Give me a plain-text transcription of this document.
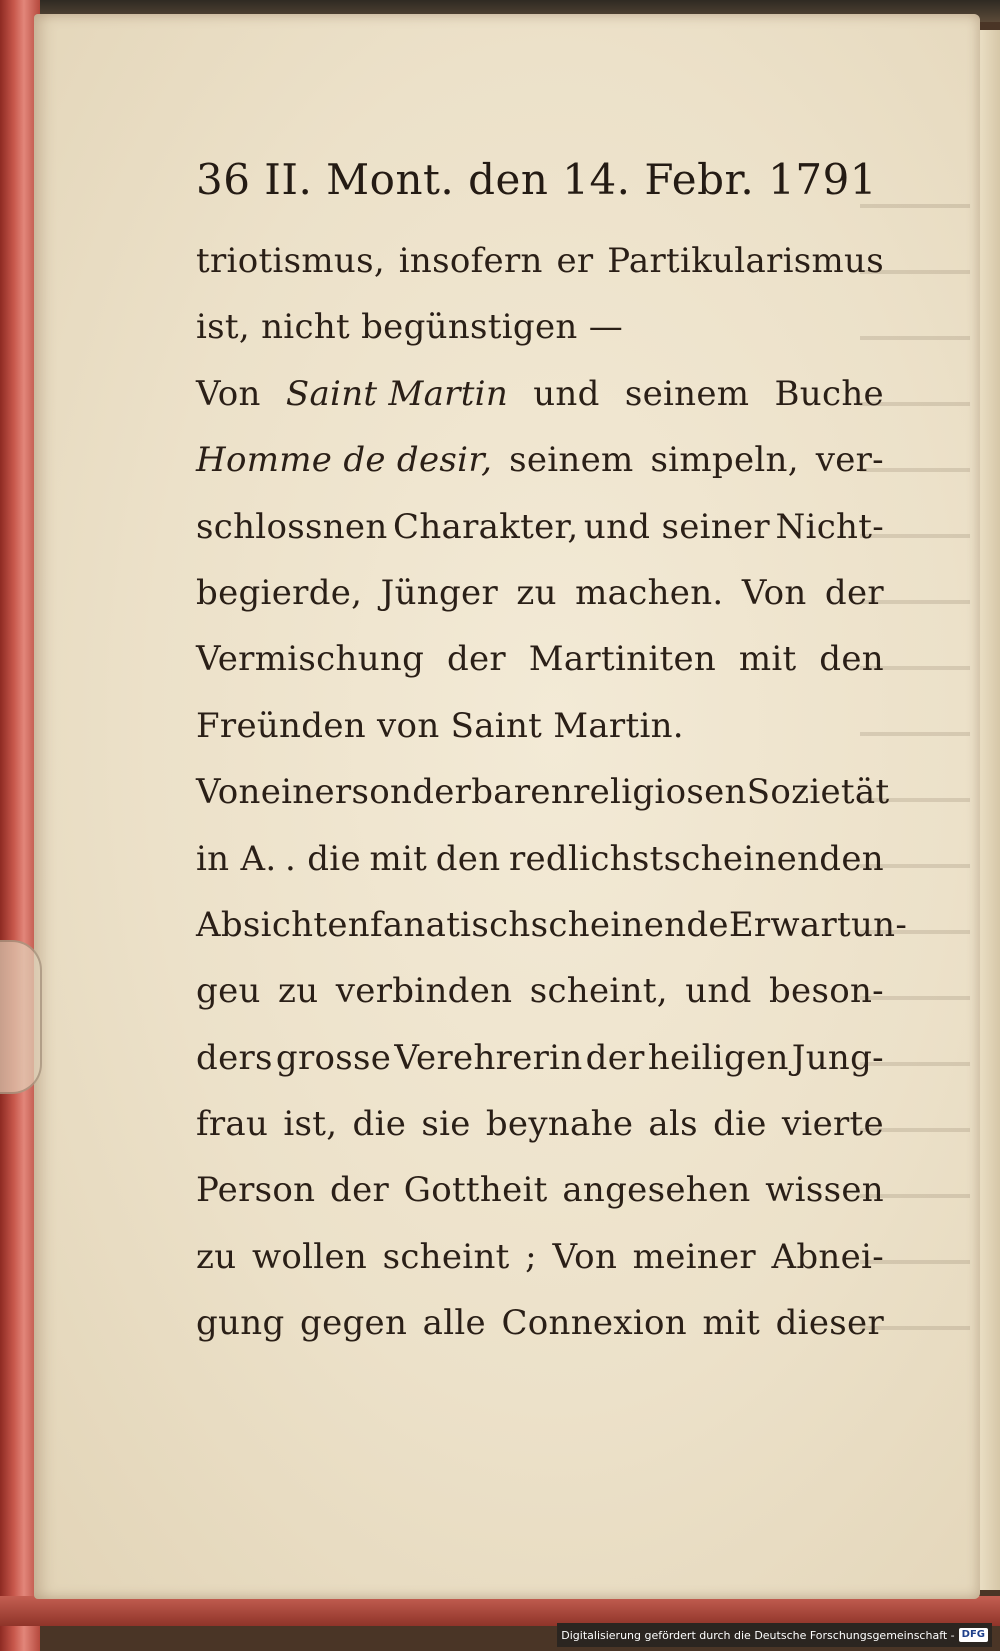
36 II. Mont. den 14. Febr. 1791
triotismus, insofern er Partikularismus
ist, nicht begünstigen —
Von Saint Martin und seinem Buche
Homme de desir, seinem simpeln, ver-
schlossnen Charakter, und seiner Nicht-
begierde, Jünger zu machen. Von der
Vermischung der Martiniten mit den
Freünden von Saint Martin.
Von einer sonderbaren religiosen Sozietät
in A. . die mit den redlichstscheinenden
Absichten fanatischscheinende Erwartun-
geu zu verbinden scheint, und beson-
ders grosse Verehrerin der heiligen Jung-
frau ist, die sie beynahe als die vierte
Person der Gottheit angesehen wissen
zu wollen scheint ; Von meiner Abnei-
gung gegen alle Connexion mit dieser
Digitalisierung gefördert durch die Deutsche Forschungsgemeinschaft - DFG
